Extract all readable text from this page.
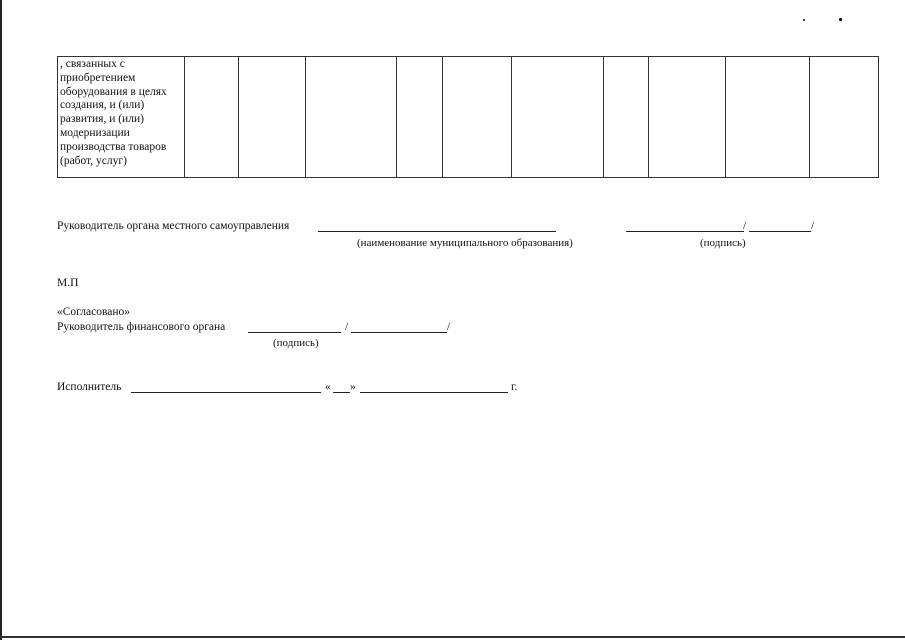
, связанных с
приобретением
оборудования в целях
создания, и (или)
развития, и (или)
модернизации
производства товаров
(работ, услуг)

Руководитель органа местного самоуправления	/	/
(наименование муниципального образования)	(подпись)
М.П
«Согласовано»
Руководитель финансового органа	/	/
(подпись)
Исполнитель	« »	г.
